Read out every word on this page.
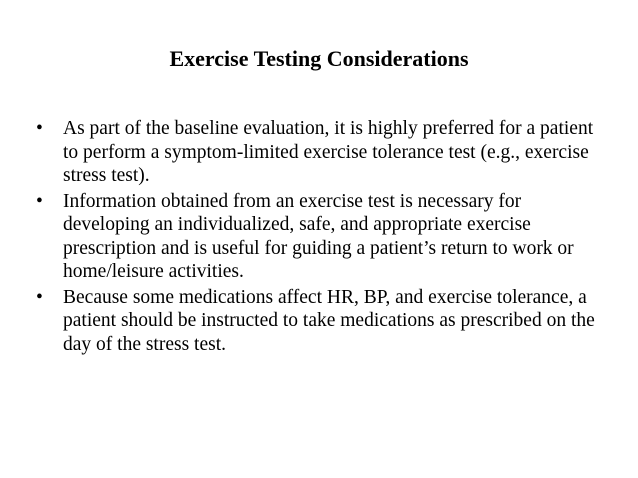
Exercise Testing Considerations
•	As part of the baseline evaluation, it is highly preferred for a patient to perform a symptom-limited exercise tolerance test (e.g., exercise stress test).
•	Information obtained from an exercise test is necessary for developing an individualized, safe, and appropriate exercise prescription and is useful for guiding a patient’s return to work or home/leisure activities.
•	Because some medications affect HR, BP, and exercise tolerance, a patient should be instructed to take medications as prescribed on the day of the stress test.
